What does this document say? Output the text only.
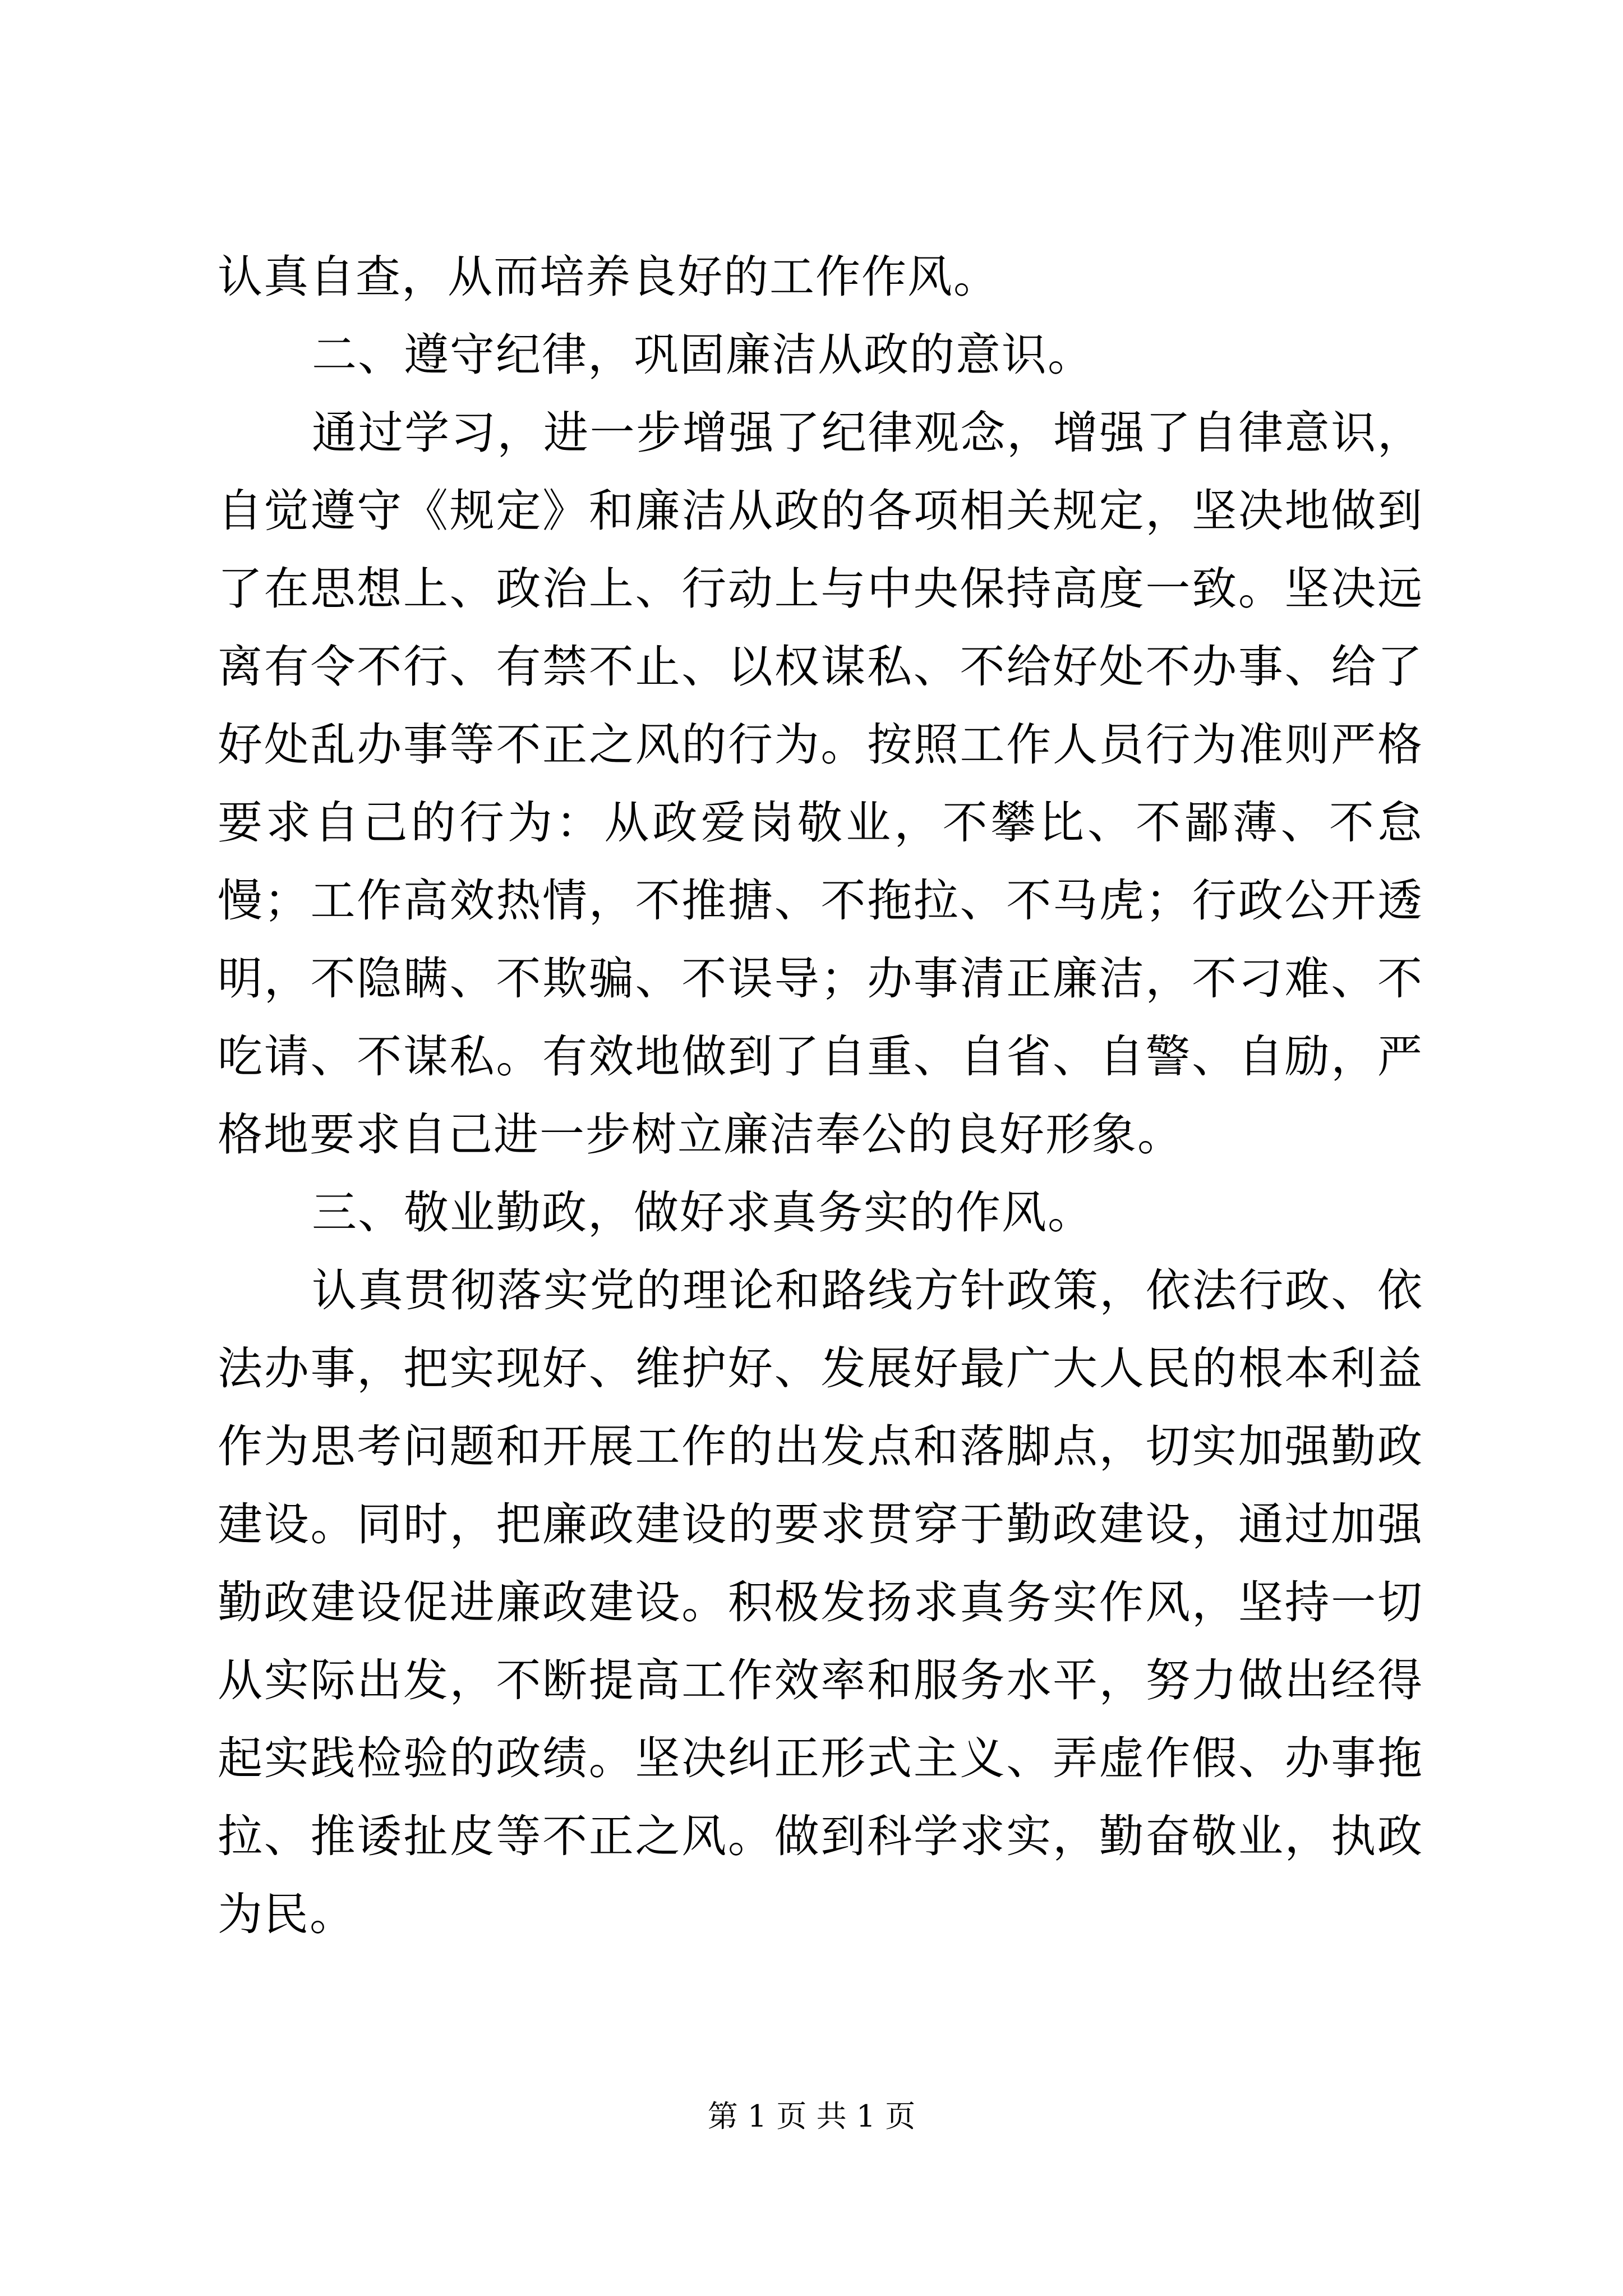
认真自查，从而培养良好的工作作风。

二、遵守纪律，巩固廉洁从政的意识。

通过学习，进一步增强了纪律观念，增强了自律意识，自觉遵守《规定》和廉洁从政的各项相关规定，坚决地做到了在思想上、政治上、行动上与中央保持高度一致。坚决远离有令不行、有禁不止、以权谋私、不给好处不办事、给了好处乱办事等不正之风的行为。按照工作人员行为准则严格要求自己的行为：从政爱岗敬业，不攀比、不鄙薄、不怠慢；工作高效热情，不推搪、不拖拉、不马虎；行政公开透明，不隐瞒、不欺骗、不误导；办事清正廉洁，不刁难、不吃请、不谋私。有效地做到了自重、自省、自警、自励，严格地要求自己进一步树立廉洁奉公的良好形象。

三、敬业勤政，做好求真务实的作风。

认真贯彻落实党的理论和路线方针政策，依法行政、依法办事，把实现好、维护好、发展好最广大人民的根本利益作为思考问题和开展工作的出发点和落脚点，切实加强勤政建设。同时，把廉政建设的要求贯穿于勤政建设，通过加强勤政建设促进廉政建设。积极发扬求真务实作风，坚持一切从实际出发，不断提高工作效率和服务水平，努力做出经得起实践检验的政绩。坚决纠正形式主义、弄虚作假、办事拖拉、推诿扯皮等不正之风。做到科学求实，勤奋敬业，执政为民。

第 1 页 共 1 页
